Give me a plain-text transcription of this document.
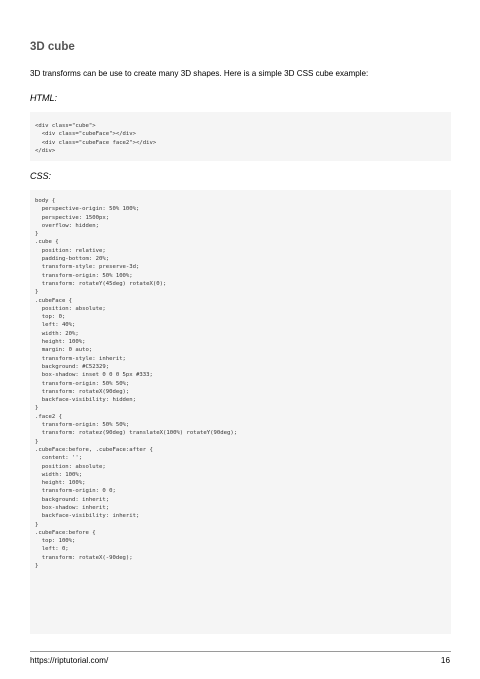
3D cube

3D transforms can be use to create many 3D shapes. Here is a simple 3D CSS cube example:

HTML:

<div class="cube">
<div class="cubeFace"></div>
<div class="cubeFace face2"></div>
</div>

CSS:

body {
perspective-origin: 50% 100%;
perspective: 1500px;
overflow: hidden;
}
.cube {
position: relative;
padding-bottom: 20%;
transform-style: preserve-3d;
transform-origin: 50% 100%;
transform: rotateY(45deg) rotateX(0);
}
.cubeFace {
position: absolute;
top: 0;
left: 40%;
width: 20%;
height: 100%;
margin: 0 auto;
transform-style: inherit;
background: #C52329;
box-shadow: inset 0 0 0 5px #333;
transform-origin: 50% 50%;
transform: rotateX(90deg);
backface-visibility: hidden;
}
.face2 {
transform-origin: 50% 50%;
transform: rotatez(90deg) translateX(100%) rotateY(90deg);
}
.cubeFace:before, .cubeFace:after {
content: '';
position: absolute;
width: 100%;
height: 100%;
transform-origin: 0 0;
background: inherit;
box-shadow: inherit;
backface-visibility: inherit;
}
.cubeFace:before {
top: 100%;
left: 0;
transform: rotateX(-90deg);
}
https://riptutorial.com/	16
